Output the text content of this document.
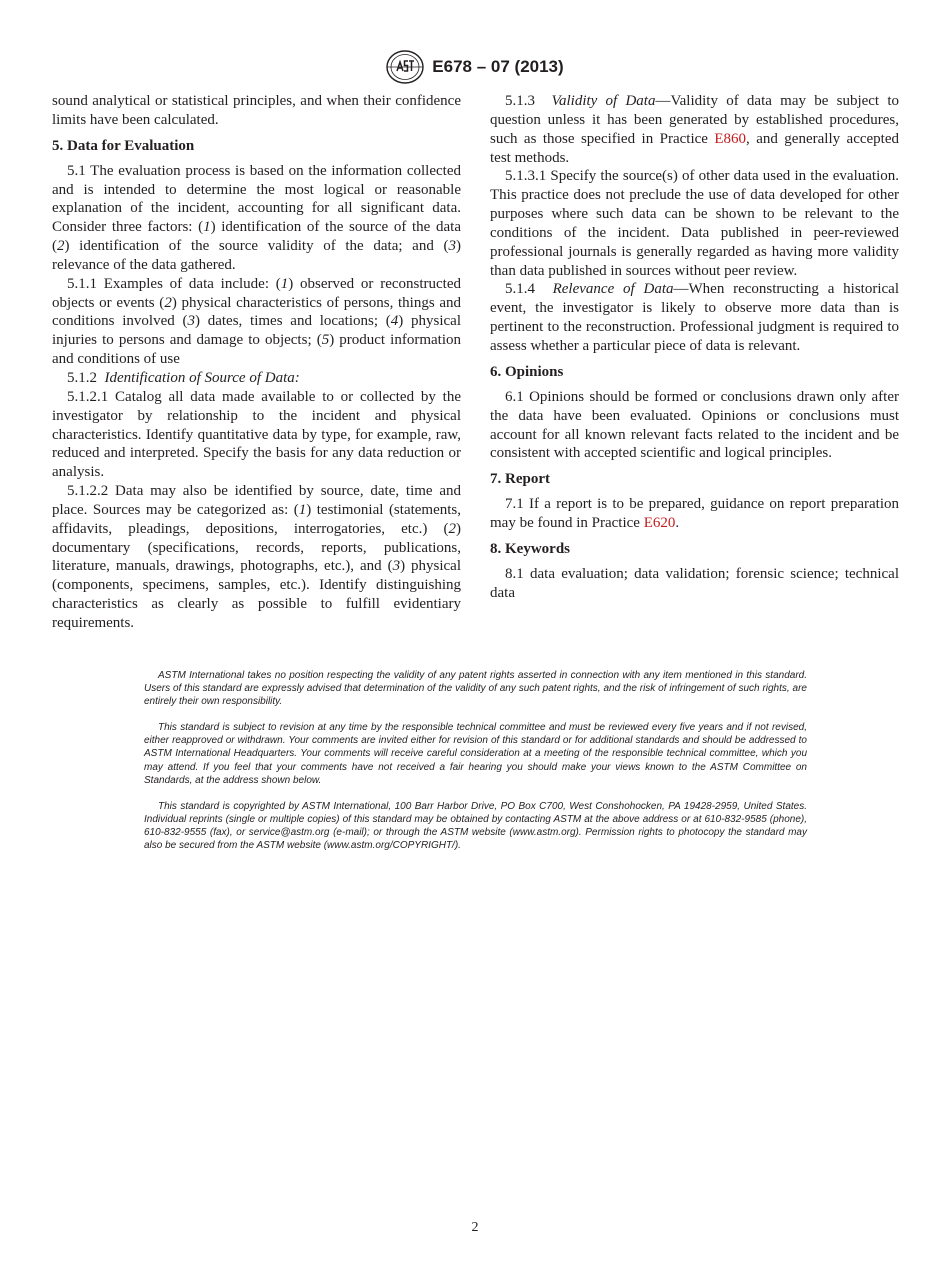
E678 – 07 (2013)

sound analytical or statistical principles, and when their confidence limits have been calculated.

5. Data for Evaluation

5.1 The evaluation process is based on the information collected and is intended to determine the most logical or reasonable explanation of the incident, accounting for all significant data. Consider three factors: (1) identification of the source of the data (2) identification of the source validity of the data; and (3) relevance of the data gathered.

5.1.1 Examples of data include: (1) observed or reconstructed objects or events (2) physical characteristics of persons, things and conditions involved (3) dates, times and locations; (4) physical injuries to persons and damage to objects; (5) product information and conditions of use

5.1.2 Identification of Source of Data:

5.1.2.1 Catalog all data made available to or collected by the investigator by relationship to the incident and physical characteristics. Identify quantitative data by type, for example, raw, reduced and interpreted. Specify the basis for any data reduction or analysis.

5.1.2.2 Data may also be identified by source, date, time and place. Sources may be categorized as: (1) testimonial (statements, affidavits, pleadings, depositions, interrogatories, etc.) (2) documentary (specifications, records, reports, publications, literature, manuals, drawings, photographs, etc.), and (3) physical (components, specimens, samples, etc.). Identify distinguishing characteristics as clearly as possible to fulfill evidentiary requirements.

5.1.3 Validity of Data—Validity of data may be subject to question unless it has been generated by established procedures, such as those specified in Practice E860, and generally accepted test methods.

5.1.3.1 Specify the source(s) of other data used in the evaluation. This practice does not preclude the use of data developed for other purposes where such data can be shown to be relevant to the conditions of the incident. Data published in peer-reviewed professional journals is generally regarded as having more validity than data published in sources without peer review.

5.1.4 Relevance of Data—When reconstructing a historical event, the investigator is likely to observe more data than is pertinent to the reconstruction. Professional judgment is required to assess whether a particular piece of data is relevant.

6. Opinions

6.1 Opinions should be formed or conclusions drawn only after the data have been evaluated. Opinions or conclusions must account for all known relevant facts related to the incident and be consistent with accepted scientific and logical principles.

7. Report

7.1 If a report is to be prepared, guidance on report preparation may be found in Practice E620.

8. Keywords

8.1 data evaluation; data validation; forensic science; technical data

ASTM International takes no position respecting the validity of any patent rights asserted in connection with any item mentioned in this standard. Users of this standard are expressly advised that determination of the validity of any such patent rights, and the risk of infringement of such rights, are entirely their own responsibility.

This standard is subject to revision at any time by the responsible technical committee and must be reviewed every five years and if not revised, either reapproved or withdrawn. Your comments are invited either for revision of this standard or for additional standards and should be addressed to ASTM International Headquarters. Your comments will receive careful consideration at a meeting of the responsible technical committee, which you may attend. If you feel that your comments have not received a fair hearing you should make your views known to the ASTM Committee on Standards, at the address shown below.

This standard is copyrighted by ASTM International, 100 Barr Harbor Drive, PO Box C700, West Conshohocken, PA 19428-2959, United States. Individual reprints (single or multiple copies) of this standard may be obtained by contacting ASTM at the above address or at 610-832-9585 (phone), 610-832-9555 (fax), or service@astm.org (e-mail); or through the ASTM website (www.astm.org). Permission rights to photocopy the standard may also be secured from the ASTM website (www.astm.org/COPYRIGHT/).

2
